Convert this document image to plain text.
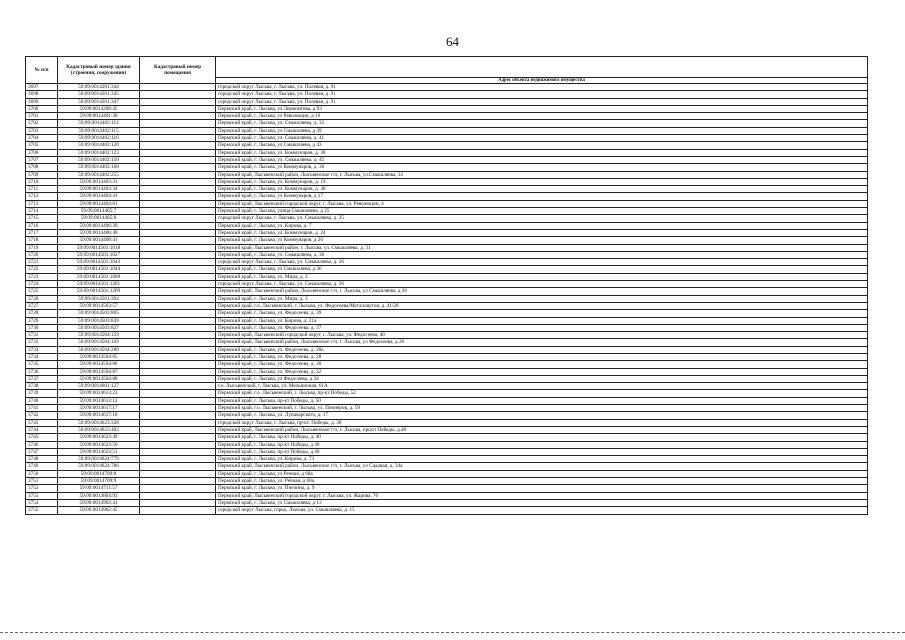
64
№ п/п	Кадастровый номер здания (строения, сооружения)	Кадастровый номер помещения	
			Адрес объекта недвижимого имущества
3697	59:09:0014201:344		городской округ Лысьва, г. Лысьва, ул. Полевая, д. 91
3698	59:09:0014201:345		городской округ Лысьва, г. Лысьва, ул. Полевая, д. 91
3699	59:09:0014201:347		городской округ Лысьва, г. Лысьва, ул. Полевая, д. 91
3700	59:09:0014208:45		Пермский край, г. Лысьва, ул Лермонтова, д 93
3701	59:09:0014401:30		Пермский край, г. Лысьва, ул Революции, д 16
3702	59:09:0014402:112		Пермский край, г. Лысьва, ул. Смышляева, д. 33
3703	59:09:0014402:115		Пермский край, г. Лысьва, ул Смышляева, д 39
3704	59:09:0014402:116		Пермский край, г. Лысьва, ул. Смышляева, д. 41
3705	59:09:0014402:120		Пермский край, г. Лысьва, ул Смышляева, д 43
3706	59:09:0014402:123		Пермский край, г. Лысьва, ул. Коммунаров, д. 38
3707	59:09:0014402:150		Пермский край, г. Лысьва, ул. Смышляева, д. 45
3708	59:09:0014402:160		Пермский край, г. Лысьва, ул Коммунаров, д. 36
3709	59:09:0014402:255		Пермский край, Лысьвенский район, Лысьвенское г/п, г. Лысьва, ул.Смышляева, 33
3710	59:09:0014403:31		Пермский край, г. Лысьва, ул. Коммунаров, д. 19
3711	59:09:0014403:34		Пермский край, г. Лысьва, ул. Коммунаров, д. 40
3712	59:09:0014404:41		Пермский край, г. Лысьва, ул Коммунаров, д 17
3713	59:09:0014404:81		Пермский край, Лысьвенский городской округ, г. Лысьва, ул. Революции, 4
3714	59:09:0014405:7		Пермский край, г. Лысьва, улица Смышляева, д 25
3715	59:09:0014405:8		городской округ Лысьва, г. Лысьва, ул. Смышляева, д. 25
3716	59:09:0014406:39		Пермский край, г. Лысьва, ул. Кирова, д. 7
3717	59:09:0014406:40		Пермский край, г. Лысьва, ул. Коммунаров, д. 24
3718	59:09:0014408:41		Пермский край, г. Лысьва, ул Коммунаров, д 26
3719	59:09:0014501:1018		Пермский край, Лысьвенский район, г. Лысьва, ул. Смышляева, д. 31
3720	59:09:0014501:1027		Пермский край, г. Лысьва, ул. Смышляева, д. 38
3721	59:09:0014501:1043		городской округ Лысьва, г. Лысьва, ул. Смышляева, д. 36
3722	59:09:0014501:1044		Пермский край, г. Лысьва, ул Смышляева, д 36
3723	59:09:0014501:1068		Пермский край, г. Лысьва, ул. Мира, д. 3
3724	59:09:0014501:1261		городской округ Лысьва, г. Лысьва, ул. Смышляева, д. 36
3725	59:09:0014501:1269		Пермский край, Лысьвенский район, Лысьвенское г/п, г. Лысьва, ул Смышляева, д 36
3726	59:09:0014501:394		Пермский край, г. Лысьва, ул. Мира, д. 3
3727	59:09:0014503:57		Пермский край, г.о. Лысьвенский, г. Лысьва, ул. Федосеева/Металлистов, д. 41/28
3728	59:09:0014503:805		Пермский край, г. Лысьва, ул. Федосеева, д. 39
3729	59:09:0014503:839		Пермский край, г. Лысьва, ул. Кирова, д. 21а
3730	59:09:0014503:827		Пермский край, г. Лысьва, ул. Федосеева, д. 37
3731	59:09:0014504:159		Пермский край, Лысьвенский городской округ, г. Лысьва, ул. Федосеева, 40
3732	59:09:0014504:169		Пермский край, Лысьвенский район, Лысьвенское г/п, г. Лысьва, ул Федосеева, д 28
3733	59:09:0014504:280		Пермский край, г. Лысьва, ул. Федосеева, д. 28а
3734	59:09:0014504:85		Пермский край, г. Лысьва, ул. Федосеева, д. 28
3735	59:09:0014504:86		Пермский край, г. Лысьва, ул. Федосеева, д. 30
3736	59:09:0014504:87		Пермский край, г. Лысьва, ул. Федосеева, д. 32
3737	59:09:0014504:88		Пермский край, г. Лысьва, ул Федосеева, д 34
3738	59:09:0014601:127		г.о. Лысьвенский, г. Лысьва, ул. Мельничная, 61А
3739	59:09:0014613:23		Пермский край, г.о. Лысьвенский, г. Лысьва, пр-кт Победы, 52
3740	59:09:0014613:12		Пермский край, г. Лысьва, пр-кт Победы, д. 50
3741	59:09:0014617:17		Пермский край, г.о. Лысьвенский, г. Лысьва, ул. Пионеров, д. 59
3742	59:09:0014617:18		Пермский край, г. Лысьва, ул. Луначарского, д. 17
3743	59:09:0014623:328		городской округ Лысьва, г. Лысьва, пр-кт. Победы, д. 38
3744	59:09:0014623:402		Пермский край, Лысьвенский район, Лысьвенское г/п, г. Лысьва, просп Победы, д.40
3745	59:09:0014623:49		Пермский край, г. Лысьва, пр-кт Победы, д. 40
3746	59:09:0014623:50		Пермский край, г. Лысьва, пр-кт Победы, д 40
3747	59:09:0014623:51		Пермский край, г. Лысьва, пр-кт Победы, д 40
3748	59:09:0014624:779		Пермский край, г. Лысьва, ул. Кирова, д. 73
3749	59:09:0014624:786		Пермский край, Лысьвенский район, Лысьвенское г/п, г. Лысьва, ул Садовая, д. 34а
3750	59:09:0014709:8		Пермский край, г. Лысьва, ул Речная, д 68а
3751	59:09:0014709:9		Пермский край, г. Лысьва, ул. Речная, д 68а
3752	59:09:0014711:57		Пермский край, г. Лысьва, ул. Пчелина, д. 9
3753	59:09:0014804:93		Пермский край, Лысьвенский городской округ, г. Лысьва, ул. Жарова, 76
3754	59:09:0014902:41		Пермский край, г. Лысьва, ул Смышляева, д 13
3755	59:09:0014902:45		городской округ Лысьва, город. Лысьва, ул. Смышляева, д. 15
